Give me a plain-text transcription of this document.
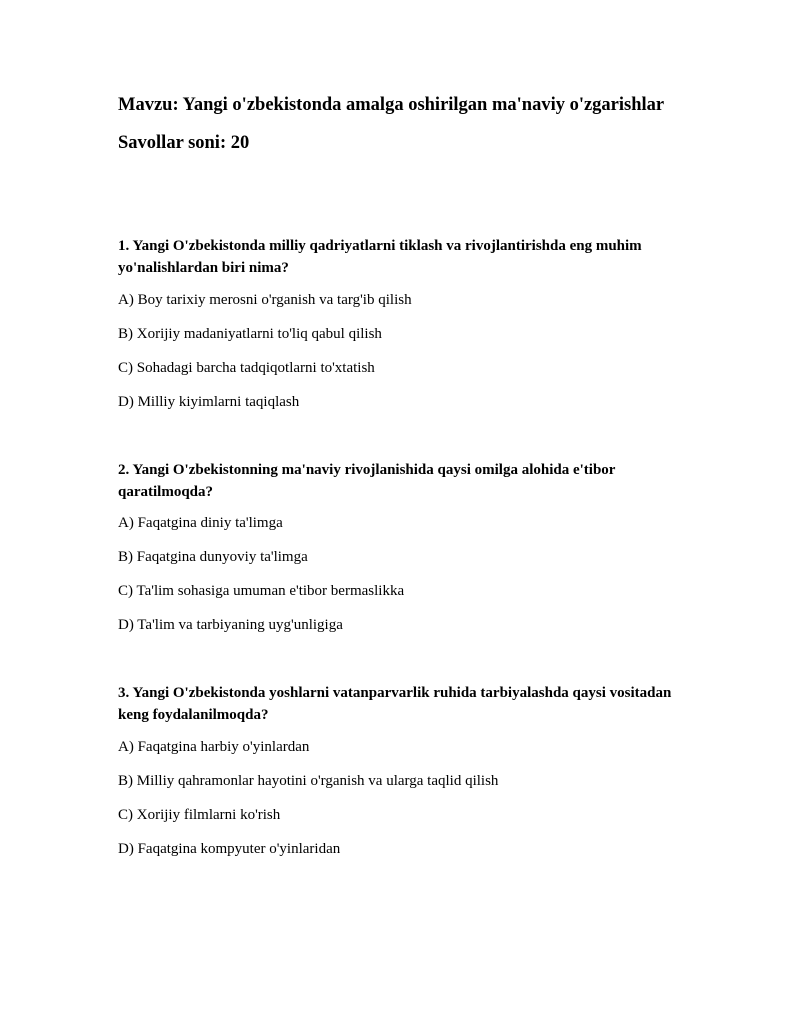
Mavzu: Yangi o'zbekistonda amalga oshirilgan ma'naviy o'zgarishlar
Savollar soni: 20
1. Yangi O'zbekistonda milliy qadriyatlarni tiklash va rivojlantirishda eng muhim yo'nalishlardan biri nima?
A) Boy tarixiy merosni o'rganish va targ'ib qilish
B) Xorijiy madaniyatlarni to'liq qabul qilish
C) Sohadagi barcha tadqiqotlarni to'xtatish
D) Milliy kiyimlarni taqiqlash
2. Yangi O'zbekistonning ma'naviy rivojlanishida qaysi omilga alohida e'tibor qaratilmoqda?
A) Faqatgina diniy ta'limga
B) Faqatgina dunyoviy ta'limga
C) Ta'lim sohasiga umuman e'tibor bermaslikka
D) Ta'lim va tarbiyaning uyg'unligiga
3. Yangi O'zbekistonda yoshlarni vatanparvarlik ruhida tarbiyalashda qaysi vositadan keng foydalanilmoqda?
A) Faqatgina harbiy o'yinlardan
B) Milliy qahramonlar hayotini o'rganish va ularga taqlid qilish
C) Xorijiy filmlarni ko'rish
D) Faqatgina kompyuter o'yinlaridan
